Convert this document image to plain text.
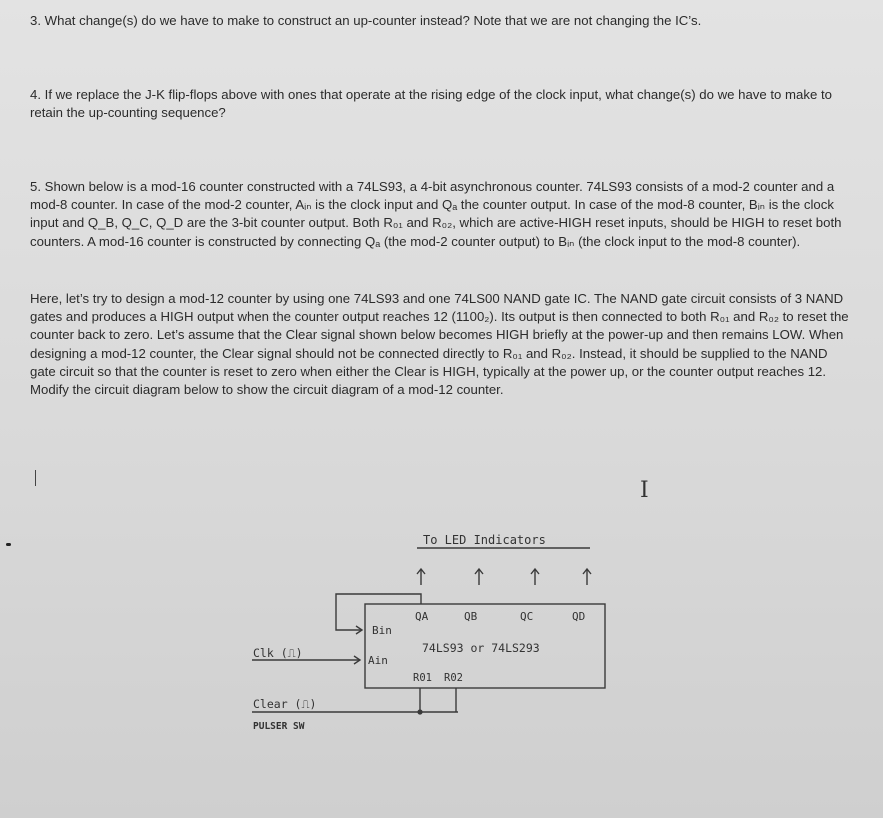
3. What change(s) do we have to make to construct an up-counter instead? Note that we are not changing the IC’s.
4. If we replace the J-K flip-flops above with ones that operate at the rising edge of the clock input, what change(s) do we have to make to retain the up-counting sequence?
5. Shown below is a mod-16 counter constructed with a 74LS93, a 4-bit asynchronous counter. 74LS93 consists of a mod-2 counter and a mod-8 counter. In case of the mod-2 counter, Aᵢₙ is the clock input and Qₐ the counter output. In case of the mod-8 counter, Bᵢₙ is the clock input and Q_B, Q_C, Q_D are the 3-bit counter output. Both R₀₁ and R₀₂, which are active-HIGH reset inputs, should be HIGH to reset both counters. A mod-16 counter is constructed by connecting Qₐ (the mod-2 counter output) to Bᵢₙ (the clock input to the mod-8 counter).
Here, let’s try to design a mod-12 counter by using one 74LS93 and one 74LS00 NAND gate IC. The NAND gate circuit consists of 3 NAND gates and produces a HIGH output when the counter output reaches 12 (1100₂). Its output is then connected to both R₀₁ and R₀₂ to reset the counter back to zero. Let’s assume that the Clear signal shown below becomes HIGH briefly at the power-up and then remains LOW. When designing a mod-12 counter, the Clear signal should not be connected directly to R₀₁ and R₀₂. Instead, it should be supplied to the NAND gate circuit so that the counter is reset to zero when either the Clear is HIGH, typically at the power up, or the counter output reaches 12. Modify the circuit diagram below to show the circuit diagram of a mod-12 counter.
I
To LED Indicators
QA	QB	QC	QD
Bin
Ain
74LS93 or 74LS293
R01 R02
Clk (⎍)
Clear (⎍)
PULSER SW
